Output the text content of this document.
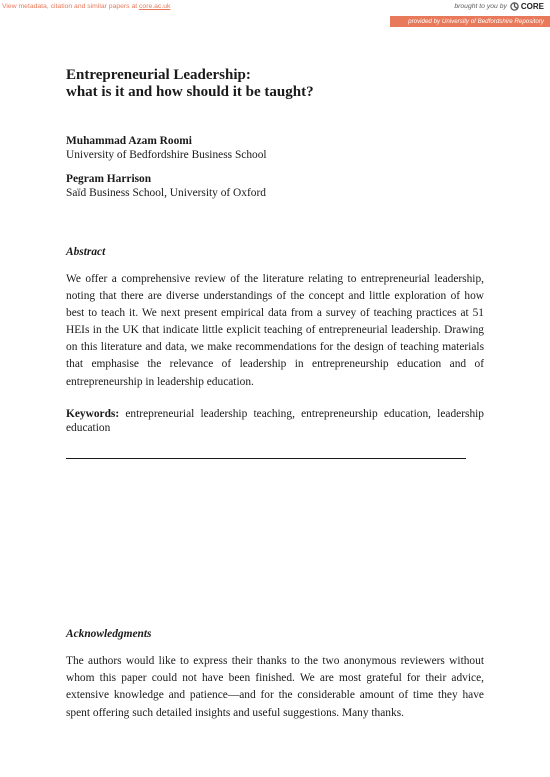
View metadata, citation and similar papers at core.ac.uk	brought to you by CORE
provided by University of Bedfordshire Repository
Entrepreneurial Leadership:
what is it and how should it be taught?
Muhammad Azam Roomi
University of Bedfordshire Business School
Pegram Harrison
Saïd Business School, University of Oxford
Abstract

We offer a comprehensive review of the literature relating to entrepreneurial leadership, noting that there are diverse understandings of the concept and little exploration of how best to teach it. We next present empirical data from a survey of teaching practices at 51 HEIs in the UK that indicate little explicit teaching of entrepreneurial leadership. Drawing on this literature and data, we make recommendations for the design of teaching materials that emphasise the relevance of leadership in entrepreneurship education and of entrepreneurship in leadership education.

Keywords: entrepreneurial leadership teaching, entrepreneurship education, leadership education

Acknowledgments

The authors would like to express their thanks to the two anonymous reviewers without whom this paper could not have been finished. We are most grateful for their advice, extensive knowledge and patience—and for the considerable amount of time they have spent offering such detailed insights and useful suggestions. Many thanks.
